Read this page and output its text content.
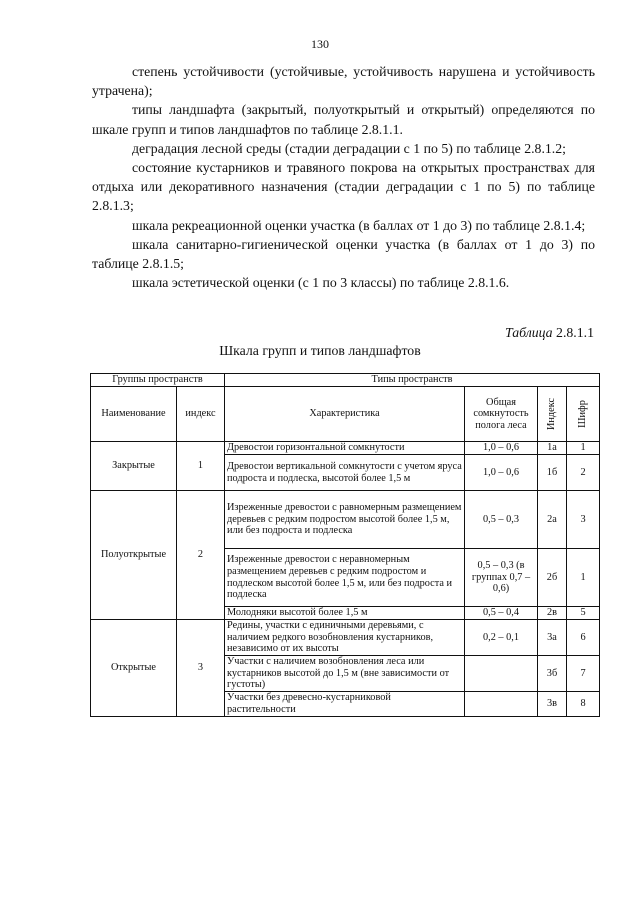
130

степень устойчивости (устойчивые, устойчивость нарушена и устойчивость утрачена);

типы ландшафта (закрытый, полуоткрытый и открытый) определяются по шкале групп и типов ландшафтов по таблице 2.8.1.1.

деградация лесной среды (стадии деградации с 1 по 5) по таблице 2.8.1.2;

состояние кустарников и травяного покрова на открытых пространствах для отдыха или декоративного назначения (стадии деградации с 1 по 5) по таблице 2.8.1.3;

шкала рекреационной оценки участка (в баллах от 1 до 3) по таблице 2.8.1.4;

шкала санитарно-гигиенической оценки участка (в баллах от 1 до 3) по таблице 2.8.1.5;

шкала эстетической оценки (с 1 по 3 классы) по таблице 2.8.1.6.

Таблица 2.8.1.1
Шкала групп и типов ландшафтов
Группы пространств		Типы пространств			
Наименование	индекс	Характеристика	Общая сомкнутость полога леса	Индекс	Шифр

Закрытые	1	Древостои горизонтальной сомкнутости	1,0 – 0,6	1а	1
		Древостои вертикальной сомкнутости с учетом яруса подроста и подлеска, высотой более 1,5 м	1,0 – 0,6	1б	2
Полуоткрытые	2	Изреженные древостои с равномерным размещением деревьев с редким подростом высотой более 1,5 м, или без подроста и подлеска	0,5 – 0,3	2а	3
		Изреженные древостои с неравномерным размещением деревьев с редким подростом и подлеском высотой более 1,5 м, или без подроста и подлеска	0,5 – 0,3 (в группах 0,7 – 0,6)	2б	1
		Молодняки высотой более 1,5 м	0,5 – 0,4	2в	5
Открытые	3	Редины, участки с единичными деревьями, с наличием редкого возобновления кустарников, независимо от их высоты	0,2 – 0,1	3а	6
		Участки с наличием возобновления леса или кустарников высотой до 1,5 м (вне зависимости от густоты)		3б	7
		Участки без древесно-кустарниковой растительности		3в	8
